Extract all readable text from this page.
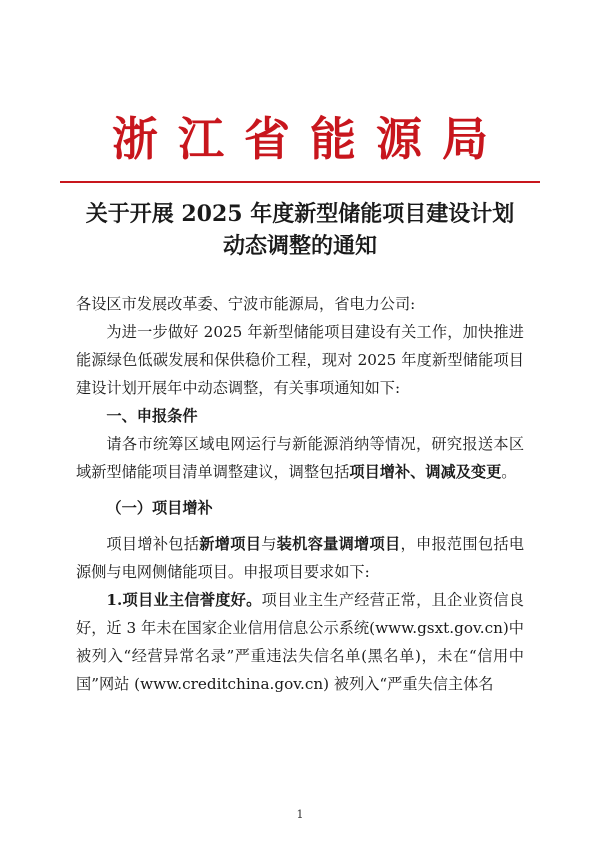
浙 江 省 能 源 局
关于开展 2025 年度新型储能项目建设计划
动态调整的通知

各设区市发展改革委、宁波市能源局，省电力公司:

为进一步做好 2025 年新型储能项目建设有关工作，加快推进能源绿色低碳发展和保供稳价工程，现对 2025 年度新型储能项目建设计划开展年中动态调整，有关事项通知如下:

一、申报条件

请各市统筹区域电网运行与新能源消纳等情况，研究报送本区域新型储能项目清单调整建议，调整包括项目增补、调减及变更。

（一）项目增补

项目增补包括新增项目与装机容量调增项目，申报范围包括电源侧与电网侧储能项目。申报项目要求如下:

1.项目业主信誉度好。项目业主生产经营正常，且企业资信良好，近 3 年未在国家企业信用信息公示系统(www.gsxt.gov.cn)中被列入“经营异常名录”严重违法失信名单(黑名单)，未在“信用中国”网站 (www.creditchina.gov.cn) 被列入“严重失信主体名

1
